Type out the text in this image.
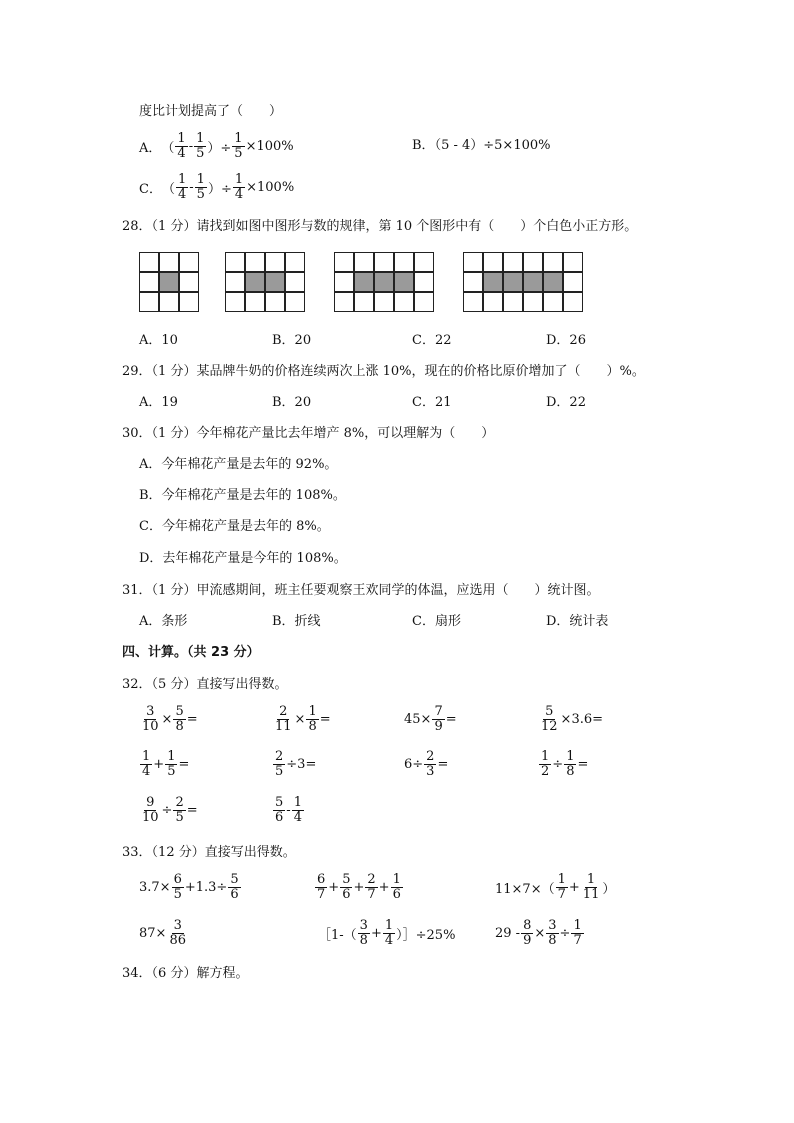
度比计划提高了（　　）
A． （ $\frac{1}{4} - \frac{1}{5}$ ）÷ $\frac{1}{5} \times 100\%$	B．（5 - 4）÷5×100%
C． （ $\frac{1}{4} - \frac{1}{5}$ ）÷ $\frac{1}{4} \times 100\%$
28．（1 分）请找到如图中图形与数的规律，第 10 个图形中有（　　）个白色小正方形。
A．10	B．20	C．22	D．26
29．（1 分）某品牌牛奶的价格连续两次上涨 10%，现在的价格比原价增加了（　　）%。
A．19	B．20	C．21	D．22
30．（1 分）今年棉花产量比去年增产 8%，可以理解为（　　）
A．今年棉花产量是去年的 92%。
B．今年棉花产量是去年的 108%。
C．今年棉花产量是去年的 8%。
D．去年棉花产量是今年的 108%。
31．（1 分）甲流感期间，班主任要观察王欢同学的体温，应选用（　　）统计图。
A．条形	B．折线	C．扇形	D．统计表
四、计算。（共 23 分）
32．（5 分）直接写出得数。
$\frac{3}{10} \times \frac{5}{8}$ =	$\frac{2}{11} \times \frac{1}{8}$ =	$45\times \frac{7}{9}$ =	$\frac{5}{12} \times 3.6=$
$\frac{1}{4} + \frac{1}{5}$ =	$\frac{2}{5} \div 3=$	$6\div \frac{2}{3}$ =	$\frac{1}{2} \div \frac{1}{8}$ =
$\frac{9}{10} \div \frac{2}{5}$ =	$\frac{5}{6} - \frac{1}{4}$
33．（12 分）直接写出得数。
$3.7\times \frac{6}{5} +1.3\div \frac{5}{6}$	$\frac{6}{7} + \frac{5}{6} + \frac{2}{7} + \frac{1}{6}$	$11\times 7\times( \frac{1}{7} + \frac{1}{11}$ ）
$87\times \frac{3}{86}$	［1-（ $\frac{3}{8} + \frac{1}{4}$ ）］÷25%	$29 - \frac{8}{9} \times \frac{3}{8} \div \frac{1}{7}$
34．（6 分）解方程。
